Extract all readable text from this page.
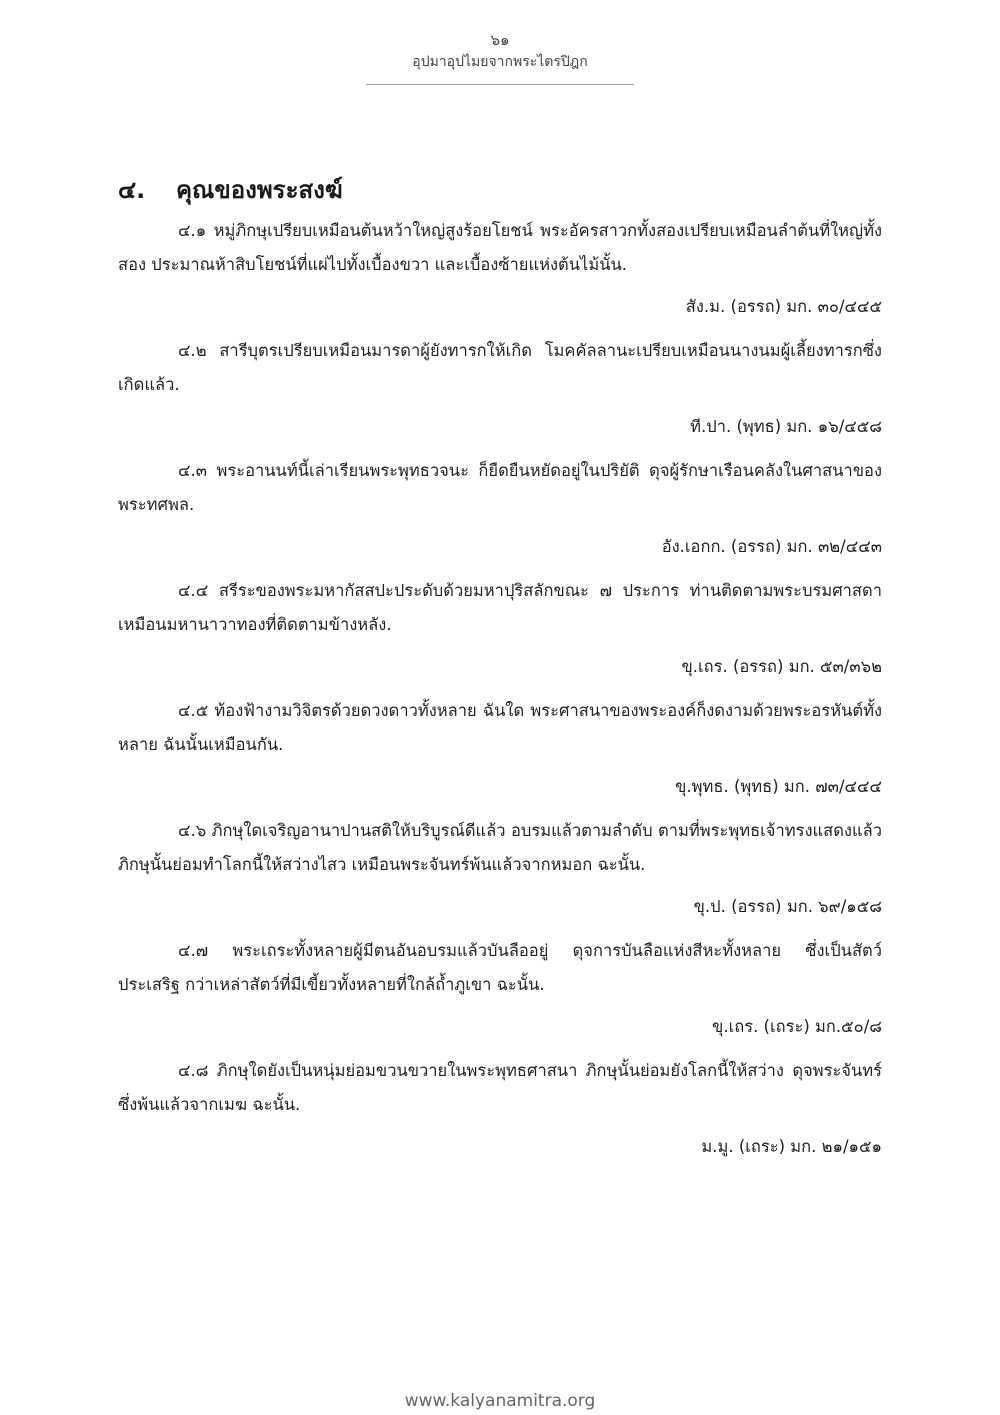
๖๑
อุปมาอุปไมยจากพระไตรปิฎก
๔.	คุณของพระสงฆ์

๔.๑ หมู่ภิกษุเปรียบเหมือนต้นหว้าใหญ่สูงร้อยโยชน์ พระอัครสาวกทั้งสองเปรียบเหมือนลำต้นที่ใหญ่ทั้งสอง ประมาณห้าสิบโยชน์ที่แผ่ไปทั้งเบื้องขวา และเบื้องซ้ายแห่งต้นไม้นั้น.

สัง.ม. (อรรถ) มก. ๓๐/๔๔๕

๔.๒ สารีบุตรเปรียบเหมือนมารดาผู้ยังทารกให้เกิด โมคคัลลานะเปรียบเหมือนนางนมผู้เลี้ยงทารกซึ่งเกิดแล้ว.

ที.ปา. (พุทธ) มก. ๑๖/๔๕๘

๔.๓ พระอานนท์นี้เล่าเรียนพระพุทธวจนะ ก็ยืดยืนหยัดอยู่ในปริยัติ ดุจผู้รักษาเรือนคลังในศาสนาของพระทศพล.

อัง.เอกก. (อรรถ) มก. ๓๒/๔๔๓

๔.๔ สรีระของพระมหากัสสปะประดับด้วยมหาปุริสลักขณะ ๗ ประการ ท่านติดตามพระบรมศาสดา เหมือนมหานาวาทองที่ติดตามข้างหลัง.

ขุ.เถร. (อรรถ) มก. ๕๓/๓๖๒

๔.๕ ท้องฟ้างามวิจิตรด้วยดวงดาวทั้งหลาย ฉันใด พระศาสนาของพระองค์ก็งดงามด้วยพระอรหันต์ทั้งหลาย ฉันนั้นเหมือนกัน.

ขุ.พุทธ. (พุทธ) มก. ๗๓/๔๔๔

๔.๖ ภิกษุใดเจริญอานาปานสติให้บริบูรณ์ดีแล้ว อบรมแล้วตามลำดับ ตามที่พระพุทธเจ้าทรงแสดงแล้ว ภิกษุนั้นย่อมทำโลกนี้ให้สว่างไสว เหมือนพระจันทร์พ้นแล้วจากหมอก ฉะนั้น.

ขุ.ป. (อรรถ) มก. ๖๙/๑๕๘

๔.๗ พระเถระทั้งหลายผู้มีตนอันอบรมแล้วบันลืออยู่ ดุจการบันลือแห่งสีหะทั้งหลาย ซึ่งเป็นสัตว์ประเสริฐ กว่าเหล่าสัตว์ที่มีเขี้ยวทั้งหลายที่ใกล้ถ้ำภูเขา ฉะนั้น.

ขุ.เถร. (เถระ) มก.๕๐/๘

๔.๘ ภิกษุใดยังเป็นหนุ่มย่อมขวนขวายในพระพุทธศาสนา ภิกษุนั้นย่อมยังโลกนี้ให้สว่าง ดุจพระจันทร์ซึ่งพ้นแล้วจากเมฆ ฉะนั้น.

ม.มู. (เถระ) มก. ๒๑/๑๕๑
www.kalyanamitra.org
